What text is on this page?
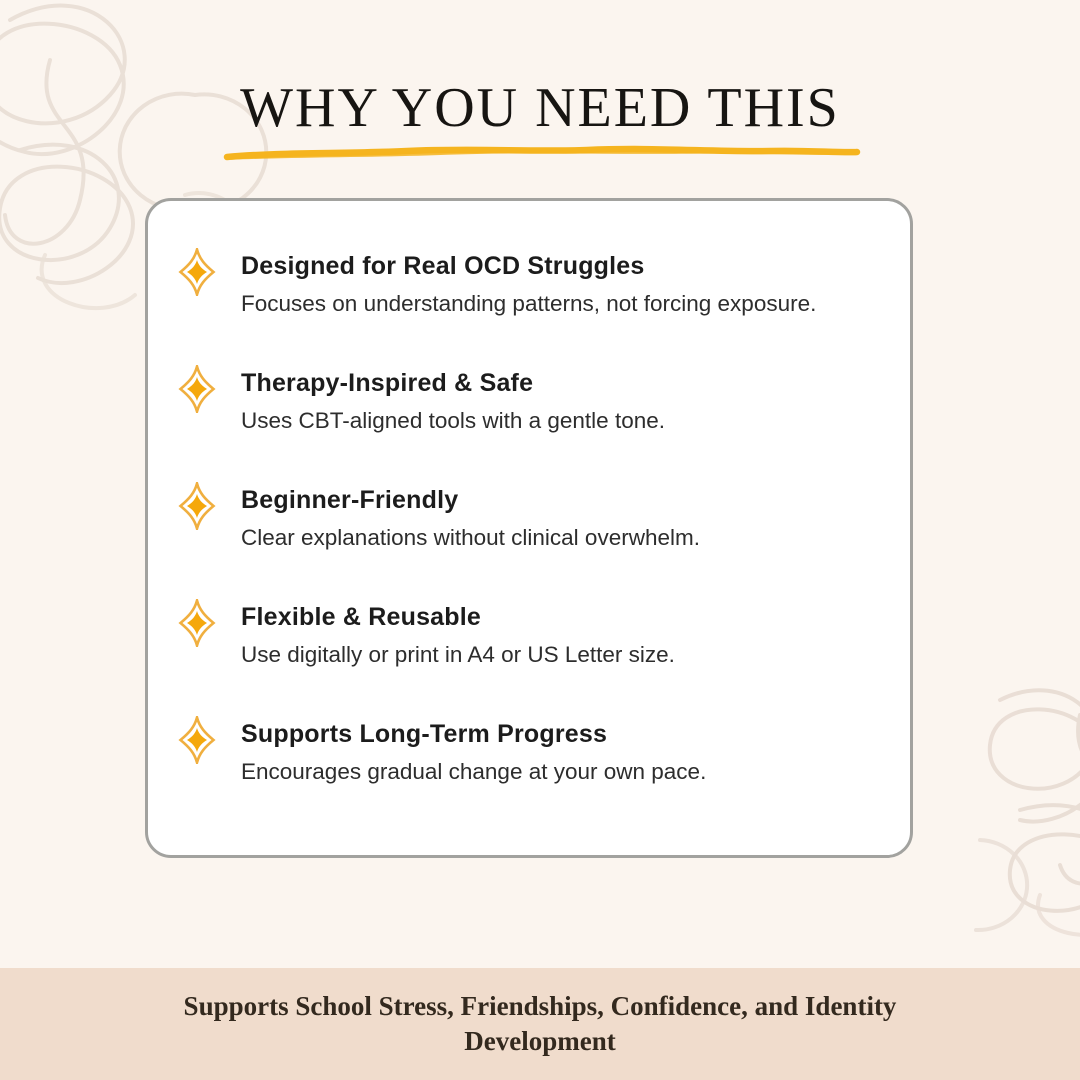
WHY YOU NEED THIS
Designed for Real OCD Struggles
Focuses on understanding patterns, not forcing exposure.
Therapy-Inspired & Safe
Uses CBT-aligned tools with a gentle tone.
Beginner-Friendly
Clear explanations without clinical overwhelm.
Flexible & Reusable
Use digitally or print in A4 or US Letter size.
Supports Long-Term Progress
Encourages gradual change at your own pace.

Supports School Stress, Friendships, Confidence, and Identity Development
